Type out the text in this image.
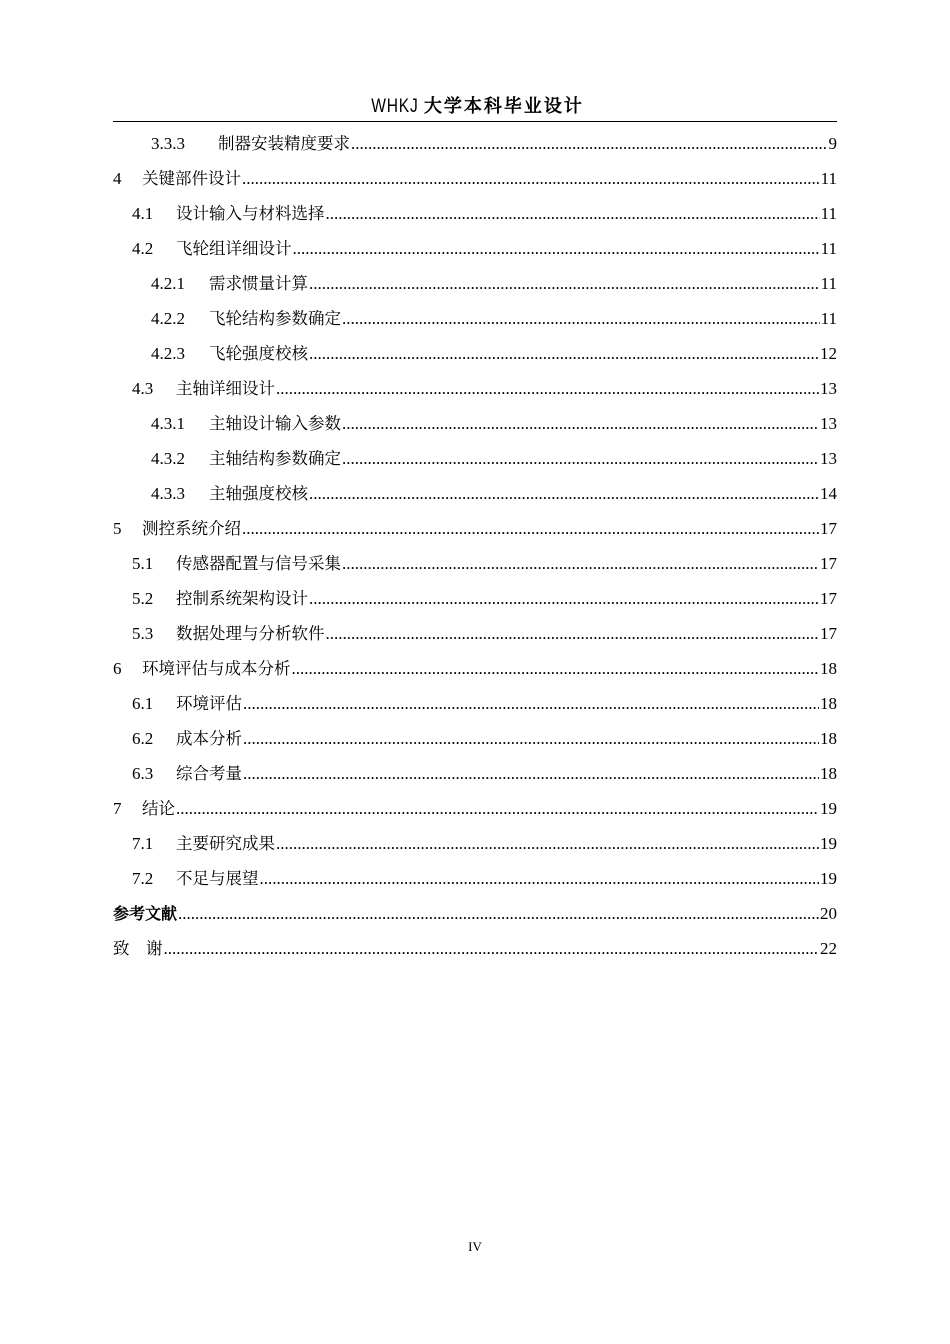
WHKJ 大学本科毕业设计
3.3.3	制器安装精度要求 .....	9
4	关键部件设计 .....	11
4.1	设计输入与材料选择 .....	11
4.2	飞轮组详细设计 .....	11
4.2.1	需求惯量计算 .....	11
4.2.2	飞轮结构参数确定 .....	11
4.2.3	飞轮强度校核 .....	12
4.3	主轴详细设计 .....	13
4.3.1	主轴设计输入参数 .....	13
4.3.2	主轴结构参数确定 .....	13
4.3.3	主轴强度校核 .....	14
5	测控系统介绍 .....	17
5.1	传感器配置与信号采集 .....	17
5.2	控制系统架构设计 .....	17
5.3	数据处理与分析软件 .....	17
6	环境评估与成本分析 .....	18
6.1	环境评估 .....	18
6.2	成本分析 .....	18
6.3	综合考量 .....	18
7	结论 .....	19
7.1	主要研究成果 .....	19
7.2	不足与展望 .....	19
参考文献 .....	20
致　谢 .....	22
IV
